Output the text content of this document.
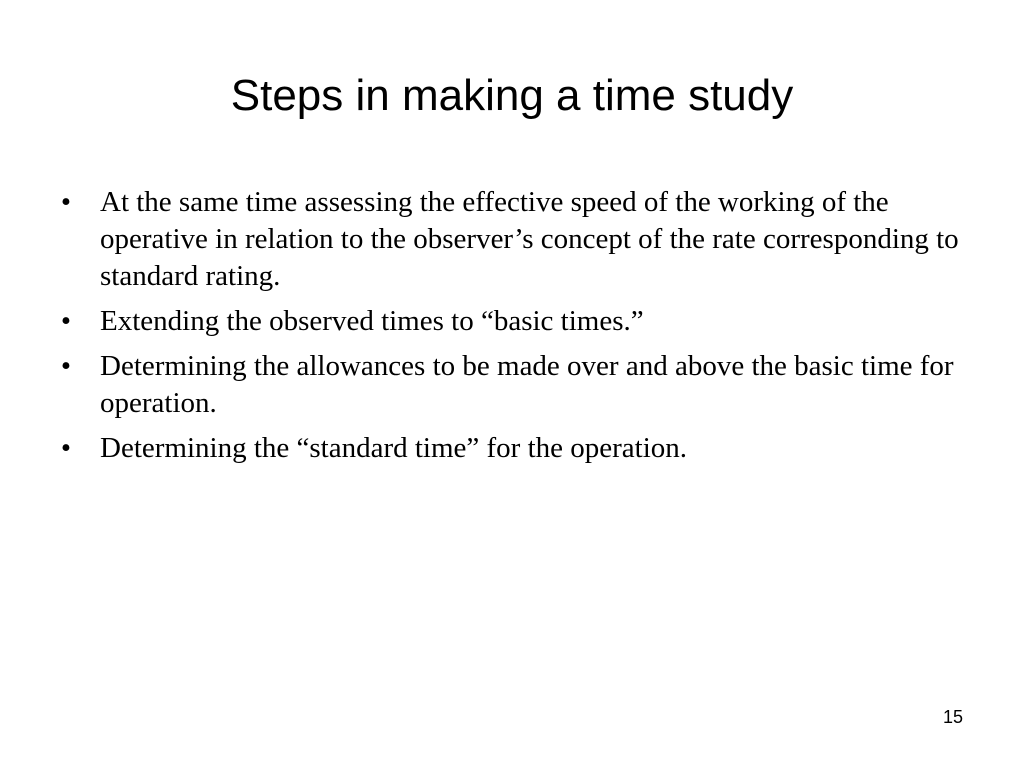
Steps in making a time study
• At the same time assessing the effective speed of the working of the operative in relation to the observer’s concept of the rate corresponding to standard rating.
• Extending the observed times to “basic times.”
• Determining the allowances to be made over and above the basic time for operation.
• Determining the “standard time” for the operation.
15
